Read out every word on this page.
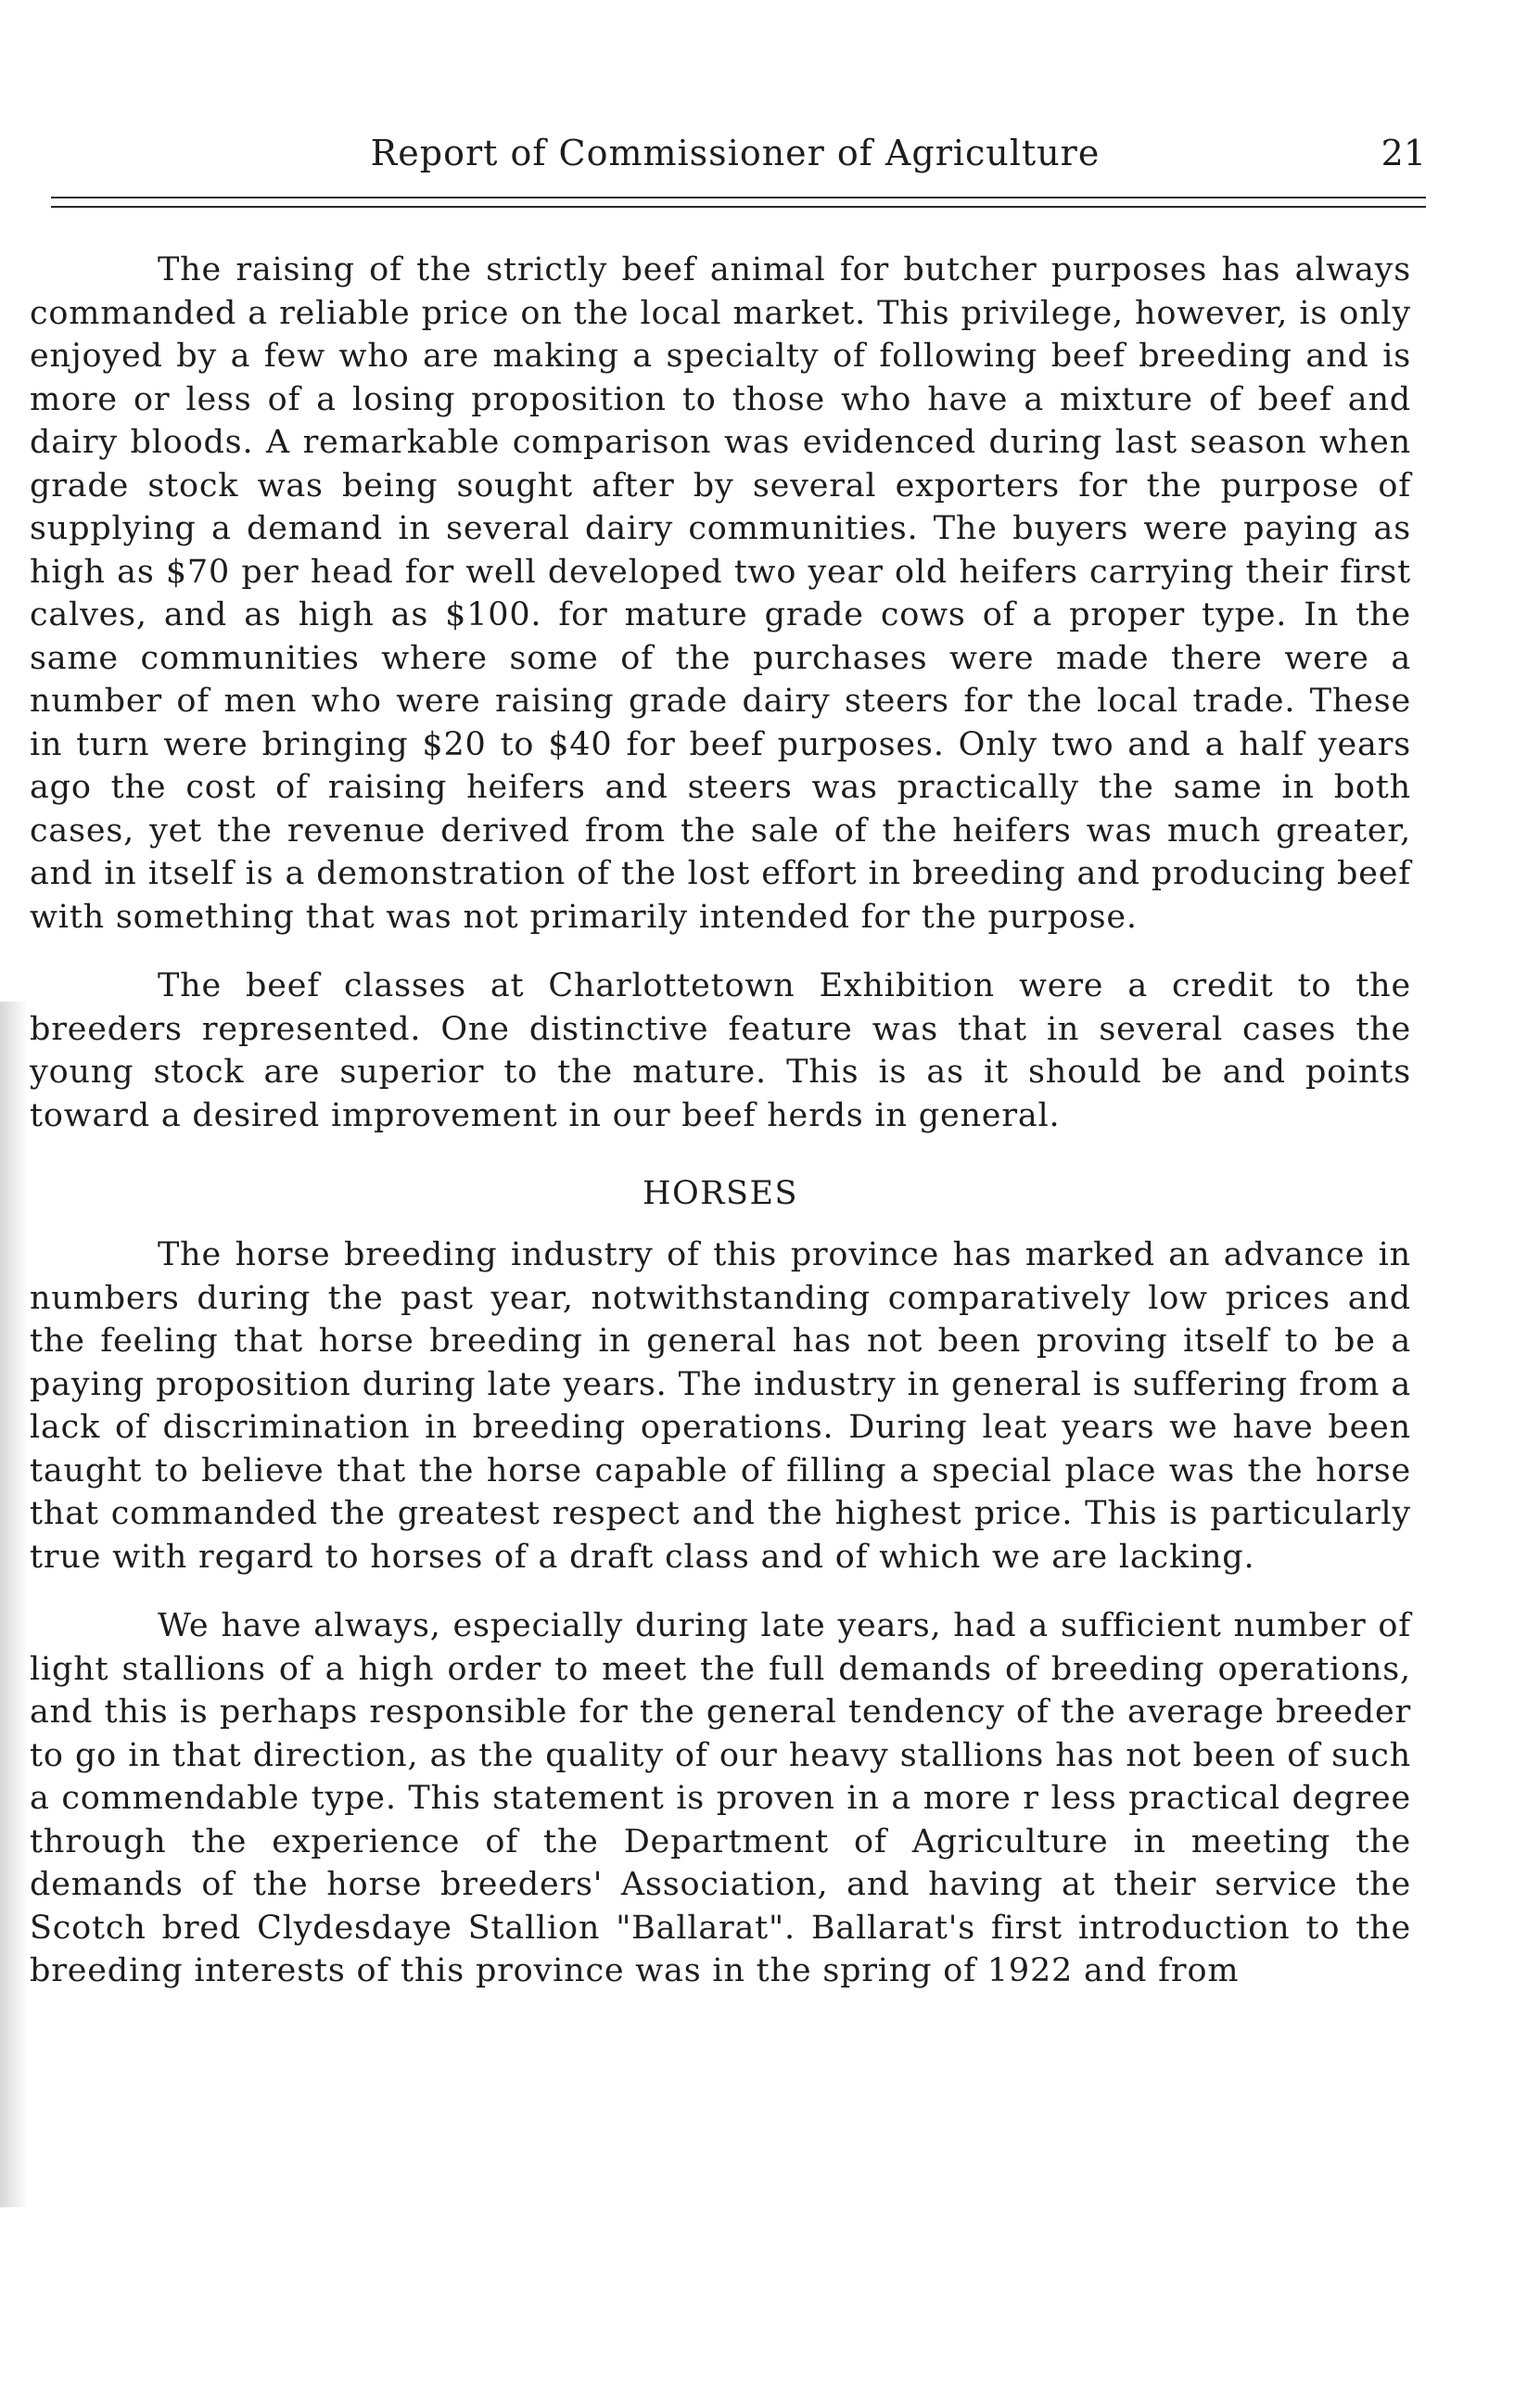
Report of Commissioner of Agriculture	21

The raising of the strictly beef animal for butcher purposes has always commanded a reliable price on the local market. This privilege, however, is only enjoyed by a few who are making a specialty of following beef breeding and is more or less of a losing proposition to those who have a mixture of beef and dairy bloods. A remarkable comparison was evidenced during last season when grade stock was being sought after by several exporters for the purpose of supplying a demand in several dairy communities. The buyers were paying as high as $70 per head for well developed two year old heifers carrying their first calves, and as high as $100. for mature grade cows of a proper type. In the same communities where some of the purchases were made there were a number of men who were raising grade dairy steers for the local trade. These in turn were bringing $20 to $40 for beef purposes. Only two and a half years ago the cost of raising heifers and steers was practically the same in both cases, yet the revenue derived from the sale of the heifers was much greater, and in itself is a demonstration of the lost effort in breeding and producing beef with something that was not primarily intended for the purpose.

The beef classes at Charlottetown Exhibition were a credit to the breeders represented. One distinctive feature was that in several cases the young stock are superior to the mature. This is as it should be and points toward a desired improvement in our beef herds in general.

HORSES

The horse breeding industry of this province has marked an advance in numbers during the past year, notwithstanding comparatively low prices and the feeling that horse breeding in general has not been proving itself to be a paying proposition during late years. The industry in general is suffering from a lack of discrimination in breeding operations. During leat years we have been taught to believe that the horse capable of filling a special place was the horse that commanded the greatest respect and the highest price. This is particularly true with regard to horses of a draft class and of which we are lacking.

We have always, especially during late years, had a sufficient number of light stallions of a high order to meet the full demands of breeding operations, and this is perhaps responsible for the general tendency of the average breeder to go in that direction, as the quality of our heavy stallions has not been of such a commendable type. This statement is proven in a more r less practical degree through the experience of the Department of Agriculture in meeting the demands of the horse breeders' Association, and having at their service the Scotch bred Clydesdaye Stallion "Ballarat". Ballarat's first introduction to the breeding interests of this province was in the spring of 1922 and from
